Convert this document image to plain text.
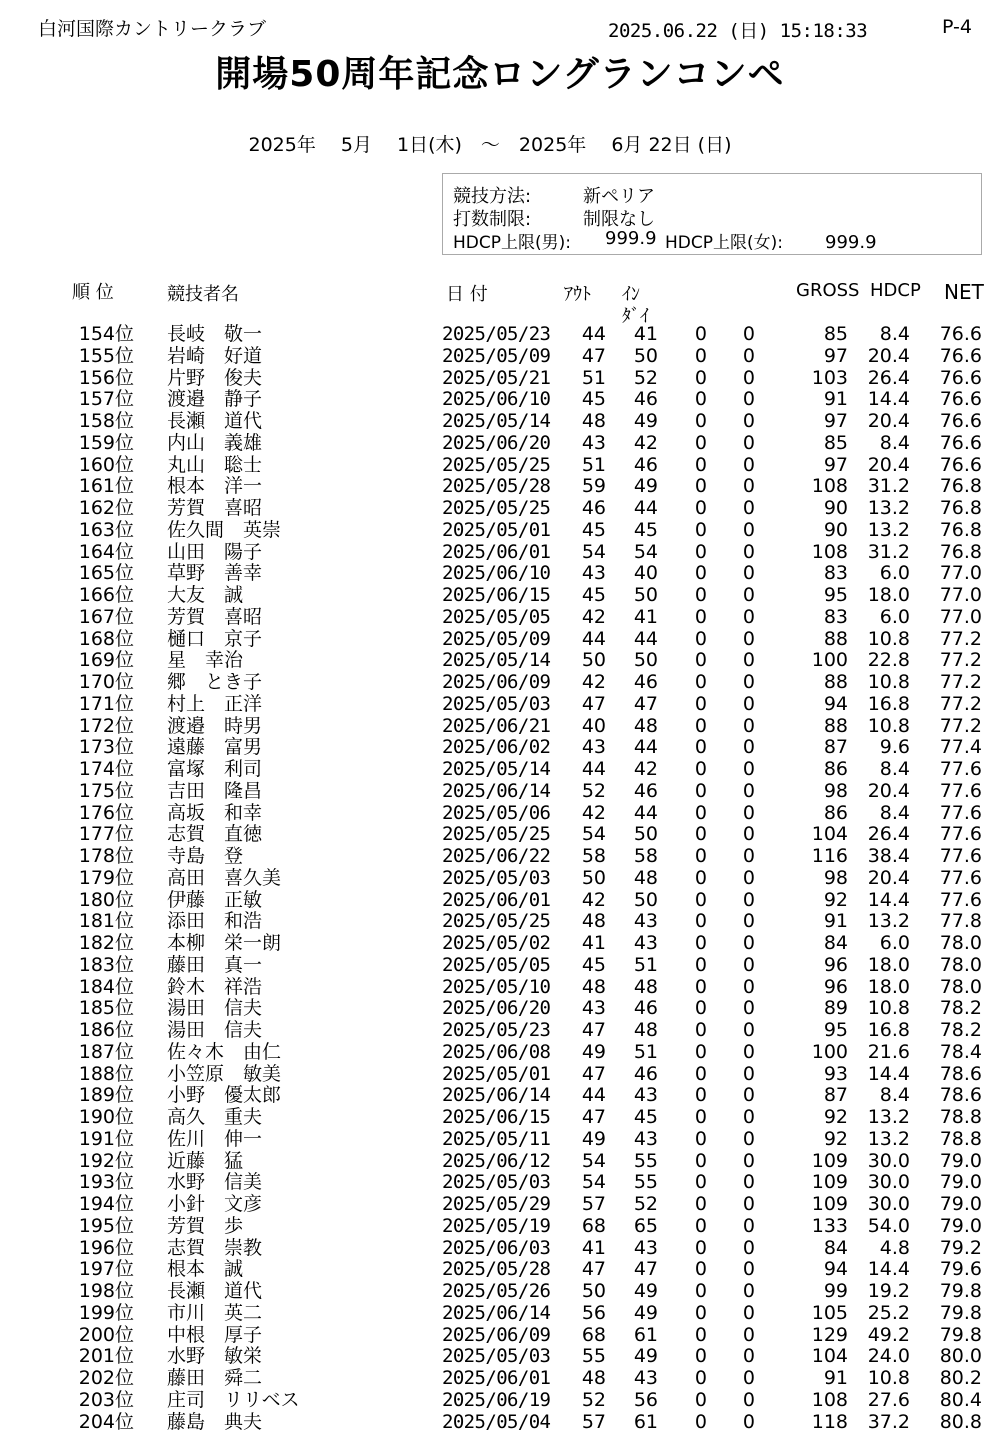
白河国際カントリークラブ	2025.06.22 (日) 15:18:33	P-4
開場50周年記念ロングランコンペ
2025年　 5月　 1日(木)　～　2025年　 6月 22日 (日)
競技方法:	新ペリア
打数制限:	制限なし
HDCP上限(男): 999.9 HDCP上限(女): 999.9
順 位	競技者名	日 付	ｱｳﾄ ｲﾝ
ﾀﾞｲ
GROSS HDCP NET
154位 長岐　敬一	2025/05/23 44 41 0 0	85 8.4 76.6
155位 岩崎　好道	2025/05/09 47 50 0 0	97 20.4 76.6
156位 片野　俊夫	2025/05/21 51 52 0 0	103 26.4 76.6
157位 渡邉　静子	2025/06/10 45 46 0 0	91 14.4 76.6
158位 長瀬　道代	2025/05/14 48 49 0 0	97 20.4 76.6
159位 内山　義雄	2025/06/20 43 42 0 0	85 8.4 76.6
160位 丸山　聡士	2025/05/25 51 46 0 0	97 20.4 76.6
161位 根本　洋一	2025/05/28 59 49 0 0	108 31.2 76.8
162位 芳賀　喜昭	2025/05/25 46 44 0 0	90 13.2 76.8
163位 佐久間　英崇	2025/05/01 45 45 0 0	90 13.2 76.8
164位 山田　陽子	2025/06/01 54 54 0 0	108 31.2 76.8
165位 草野　善幸	2025/06/10 43 40 0 0	83 6.0 77.0
166位 大友　誠	2025/06/15 45 50 0 0	95 18.0 77.0
167位 芳賀　喜昭	2025/05/05 42 41 0 0	83 6.0 77.0
168位 樋口　京子	2025/05/09 44 44 0 0	88 10.8 77.2
169位 星　幸治	2025/05/14 50 50 0 0	100 22.8 77.2
170位 郷　とき子	2025/06/09 42 46 0 0	88 10.8 77.2
171位 村上　正洋	2025/05/03 47 47 0 0	94 16.8 77.2
172位 渡邉　時男	2025/06/21 40 48 0 0	88 10.8 77.2
173位 遠藤　富男	2025/06/02 43 44 0 0	87 9.6 77.4
174位 富塚　利司	2025/05/14 44 42 0 0	86 8.4 77.6
175位 吉田　隆昌	2025/06/14 52 46 0 0	98 20.4 77.6
176位 高坂　和幸	2025/05/06 42 44 0 0	86 8.4 77.6
177位 志賀　直徳	2025/05/25 54 50 0 0	104 26.4 77.6
178位 寺島　登	2025/06/22 58 58 0 0	116 38.4 77.6
179位 高田　喜久美	2025/05/03 50 48 0 0	98 20.4 77.6
180位 伊藤　正敏	2025/06/01 42 50 0 0	92 14.4 77.6
181位 添田　和浩	2025/05/25 48 43 0 0	91 13.2 77.8
182位 本柳　栄一朗	2025/05/02 41 43 0 0	84 6.0 78.0
183位 藤田　真一	2025/05/05 45 51 0 0	96 18.0 78.0
184位 鈴木　祥浩	2025/05/10 48 48 0 0	96 18.0 78.0
185位 湯田　信夫	2025/06/20 43 46 0 0	89 10.8 78.2
186位 湯田　信夫	2025/05/23 47 48 0 0	95 16.8 78.2
187位 佐々木　由仁	2025/06/08 49 51 0 0	100 21.6 78.4
188位 小笠原　敏美	2025/05/01 47 46 0 0	93 14.4 78.6
189位 小野　優太郎	2025/06/14 44 43 0 0	87 8.4 78.6
190位 高久　重夫	2025/06/15 47 45 0 0	92 13.2 78.8
191位 佐川　伸一	2025/05/11 49 43 0 0	92 13.2 78.8
192位 近藤　猛	2025/06/12 54 55 0 0	109 30.0 79.0
193位 水野　信美	2025/05/03 54 55 0 0	109 30.0 79.0
194位 小針　文彦	2025/05/29 57 52 0 0	109 30.0 79.0
195位 芳賀　歩	2025/05/19 68 65 0 0	133 54.0 79.0
196位 志賀　崇教	2025/06/03 41 43 0 0	84 4.8 79.2
197位 根本　誠	2025/05/28 47 47 0 0	94 14.4 79.6
198位 長瀬　道代	2025/05/26 50 49 0 0	99 19.2 79.8
199位 市川　英二	2025/06/14 56 49 0 0	105 25.2 79.8
200位 中根　厚子	2025/06/09 68 61 0 0	129 49.2 79.8
201位 水野　敏栄	2025/05/03 55 49 0 0	104 24.0 80.0
202位 藤田　舜二	2025/06/01 48 43 0 0	91 10.8 80.2
203位 庄司　リリベス	2025/06/19 52 56 0 0	108 27.6 80.4
204位 藤島　典夫	2025/05/04 57 61 0 0	118 37.2 80.8
